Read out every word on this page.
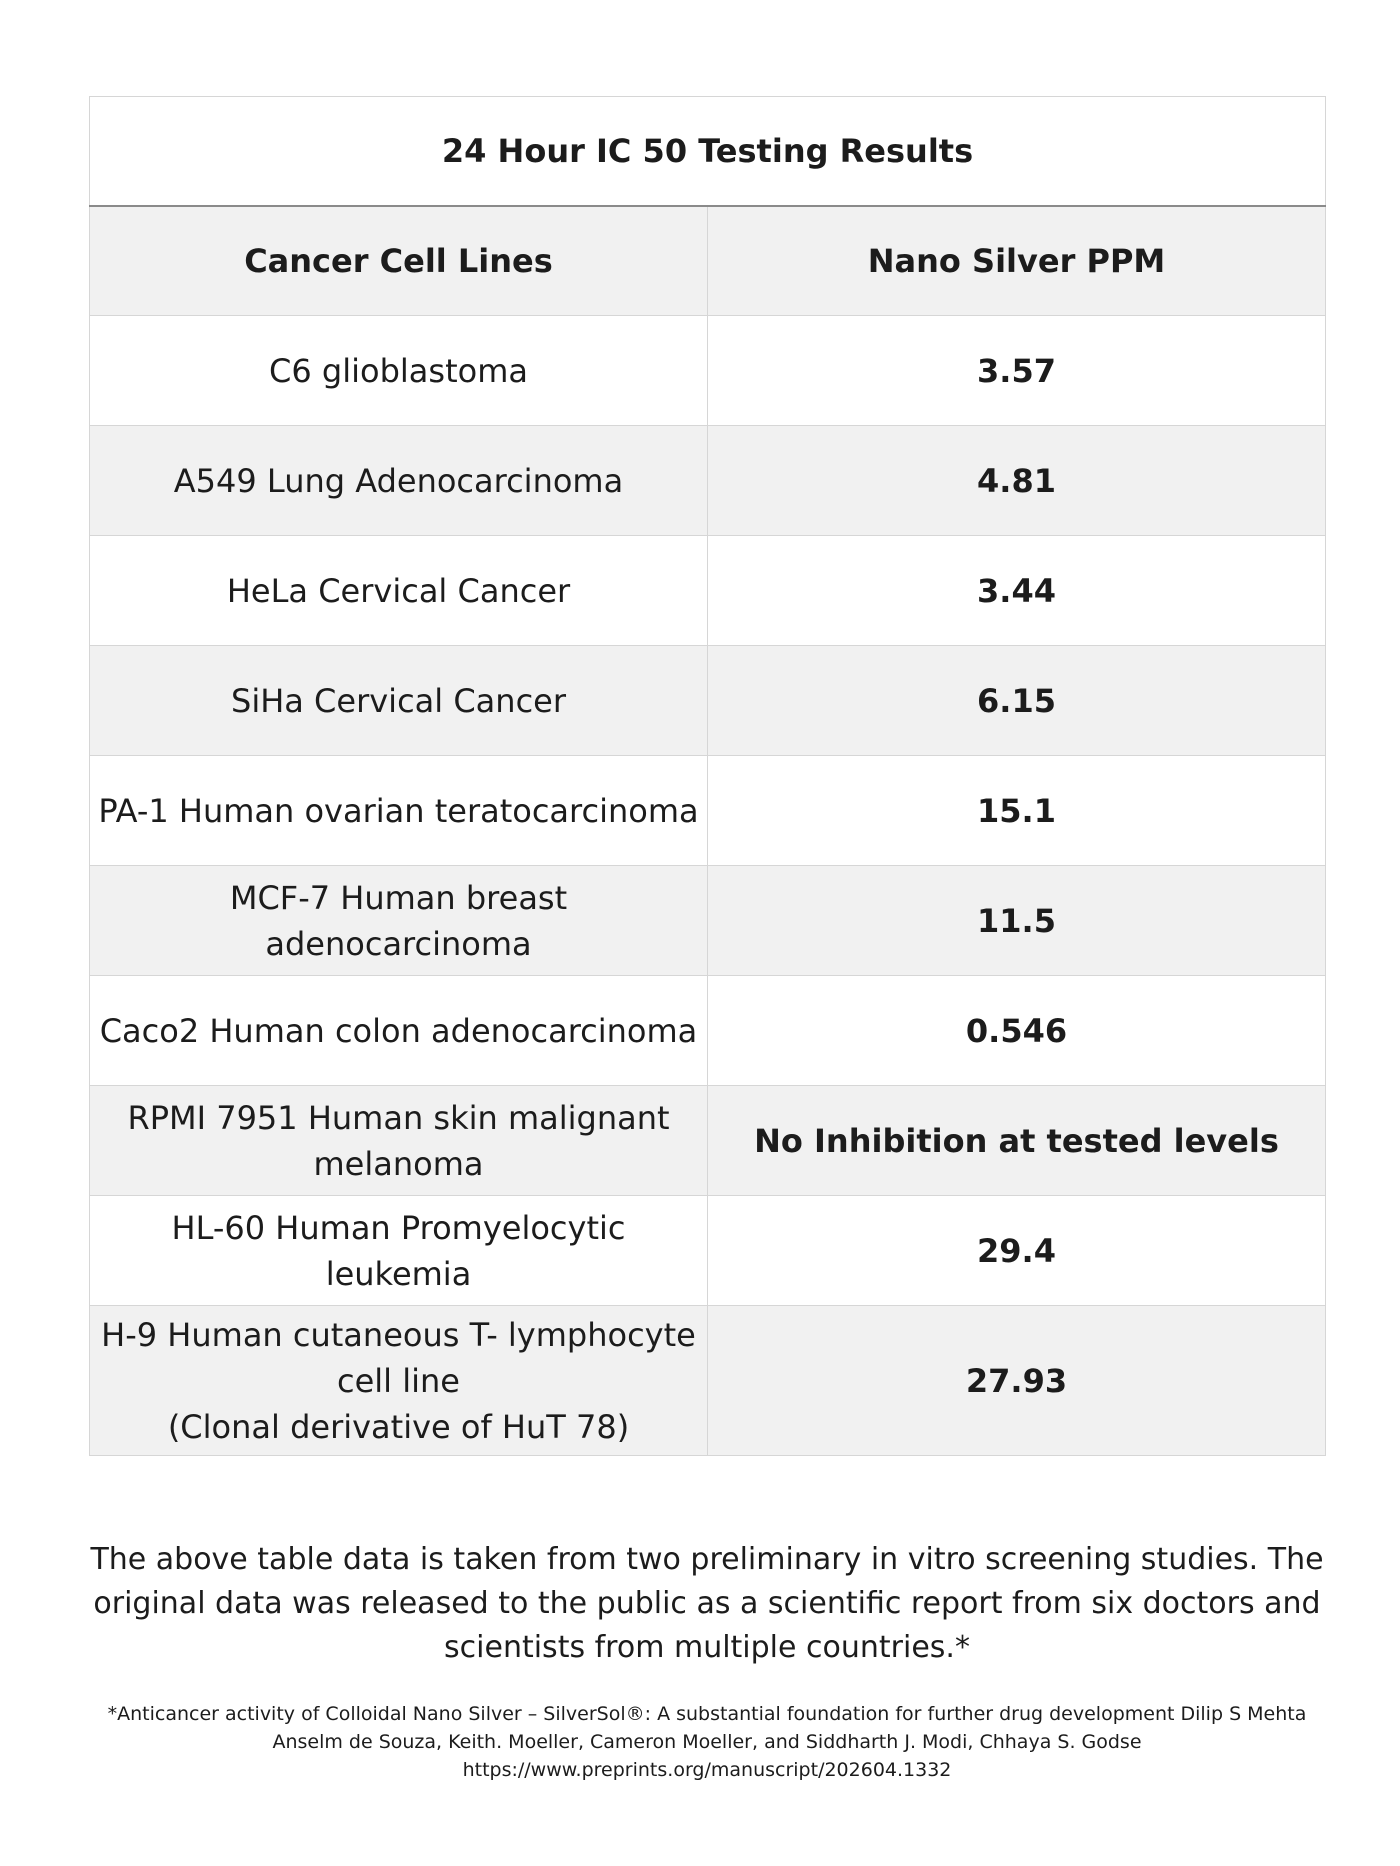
24 Hour IC 50 Testing Results	
Cancer Cell Lines	Nano Silver PPM
C6 glioblastoma	3.57
A549 Lung Adenocarcinoma	4.81
HeLa Cervical Cancer	3.44
SiHa Cervical Cancer	6.15
PA-1 Human ovarian teratocarcinoma	15.1
MCF-7 Human breast adenocarcinoma	11.5
Caco2 Human colon adenocarcinoma	0.546
RPMI 7951 Human skin malignant
melanoma	No Inhibition at tested levels
HL-60 Human Promyelocytic
leukemia	29.4
H-9 Human cutaneous T- lymphocyte
cell line
(Clonal derivative of HuT 78)	27.93

The above table data is taken from two preliminary in vitro screening studies. The original data was released to the public as a scientific report from six doctors and scientists from multiple countries.*

*Anticancer activity of Colloidal Nano Silver – SilverSol®: A substantial foundation for further drug development Dilip S Mehta
Anselm de Souza, Keith. Moeller, Cameron Moeller, and Siddharth J. Modi, Chhaya S. Godse
https://www.preprints.org/manuscript/202604.1332
